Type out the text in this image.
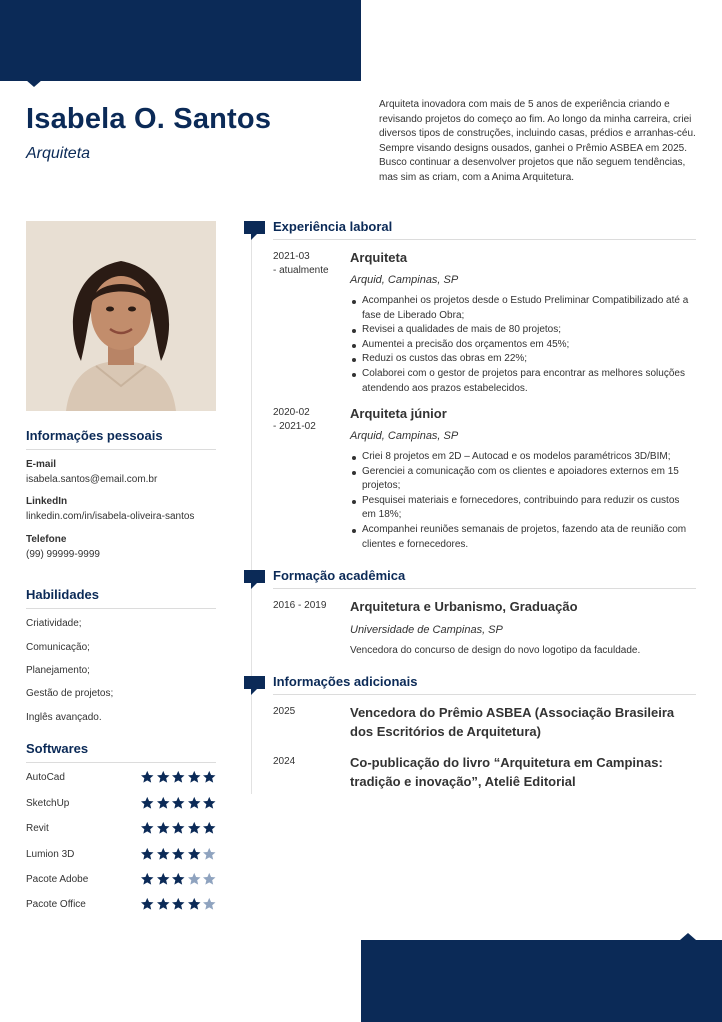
Isabela O. Santos
Arquiteta

Arquiteta inovadora com mais de 5 anos de experiência criando e revisando projetos do começo ao fim. Ao longo da minha carreira, criei diversos tipos de construções, incluindo casas, prédios e arranhas-céu. Sempre visando designs ousados, ganhei o Prêmio ASBEA em 2025. Busco continuar a desenvolver projetos que não seguem tendências, mas sim as criam, com a Anima Arquitetura.

Informações pessoais
E-mail
isabela.santos@email.com.br
LinkedIn
linkedin.com/in/isabela-oliveira-santos
Telefone
(99) 99999-9999
Habilidades
Criatividade;
Comunicação;
Planejamento;
Gestão de projetos;
Inglês avançado.
Softwares
AutoCad
SketchUp
Revit
Lumion 3D
Pacote Adobe
Pacote Office
Experiência laboral
2021-03
- atualmente
Arquiteta
Arquid, Campinas, SP
Acompanhei os projetos desde o Estudo Preliminar Compatibilizado até a fase de Liberado Obra;
Revisei a qualidades de mais de 80 projetos;
Aumentei a precisão dos orçamentos em 45%;
Reduzi os custos das obras em 22%;
Colaborei com o gestor de projetos para encontrar as melhores soluções atendendo aos prazos estabelecidos.
2020-02
- 2021-02
Arquiteta júnior
Arquid, Campinas, SP
Criei 8 projetos em 2D – Autocad e os modelos paramétricos 3D/BIM;
Gerenciei a comunicação com os clientes e apoiadores externos em 15 projetos;
Pesquisei materiais e fornecedores, contribuindo para reduzir os custos em 18%;
Acompanhei reuniões semanais de projetos, fazendo ata de reunião com clientes e fornecedores.
Formação acadêmica
2016 - 2019 Arquitetura e Urbanismo, Graduação
Universidade de Campinas, SP
Vencedora do concurso de design do novo logotipo da faculdade.
Informações adicionais
2025	Vencedora do Prêmio ASBEA (Associação Brasileira dos Escritórios de Arquitetura)
2024	Co-publicação do livro “Arquitetura em Campinas: tradição e inovação”, Ateliê Editorial
